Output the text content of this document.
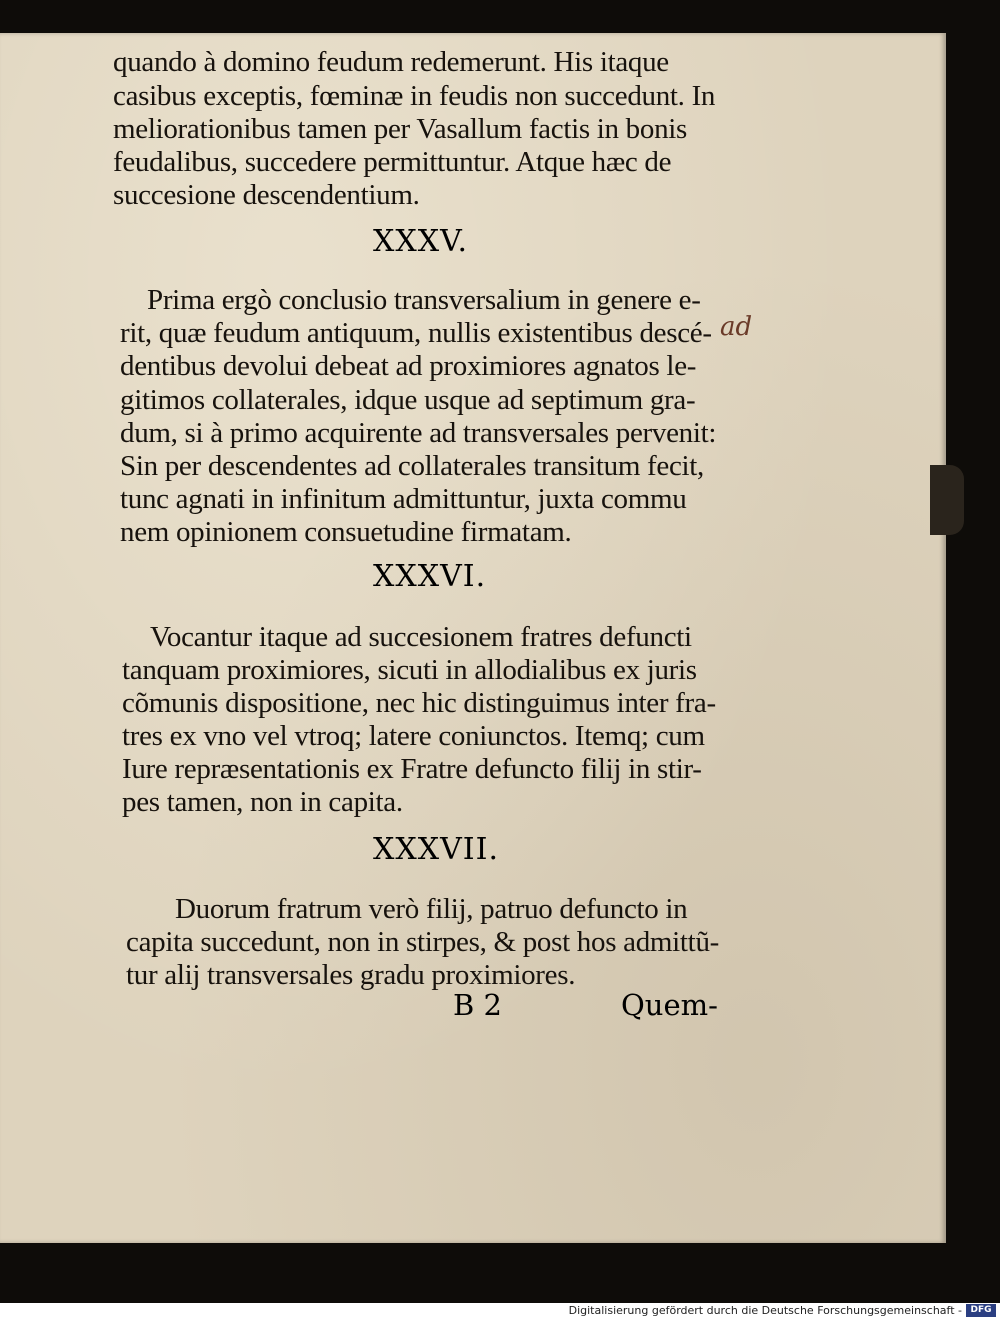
quando à domino feudum redemerunt. His itaque
casibus exceptis, fœminæ in feudis non succedunt. In
meliorationibus tamen per Vasallum factis in bonis
feudalibus, succedere permittuntur. Atque hæc de
succesione descendentium.
XXXV.
Prima ergò conclusio transversalium in genere e-
rit, quæ feudum antiquum, nullis existentibus descé-
dentibus devolui debeat ad proximiores agnatos le-
gitimos collaterales, idque usque ad septimum gra-
dum, si à primo acquirente ad transversales pervenit:
Sin per descendentes ad collaterales transitum fecit,
tunc agnati in infinitum admittuntur, juxta commu
nem opinionem consuetudine firmatam.
ad
XXXVI.
Vocantur itaque ad succesionem fratres defuncti
tanquam proximiores, sicuti in allodialibus ex juris
cõmunis dispositione, nec hic distinguimus inter fra-
tres ex vno vel vtroq; latere coniunctos. Itemq; cum
Iure repræsentationis ex Fratre defuncto filij in stir-
pes tamen, non in capita.
XXXVII.
Duorum fratrum verò filij, patruo defuncto in
capita succedunt, non in stirpes, & post hos admittũ-
tur alij transversales gradu proximiores.
B 2	Quem-
Digitalisierung gefördert durch die Deutsche Forschungsgemeinschaft - DFG
